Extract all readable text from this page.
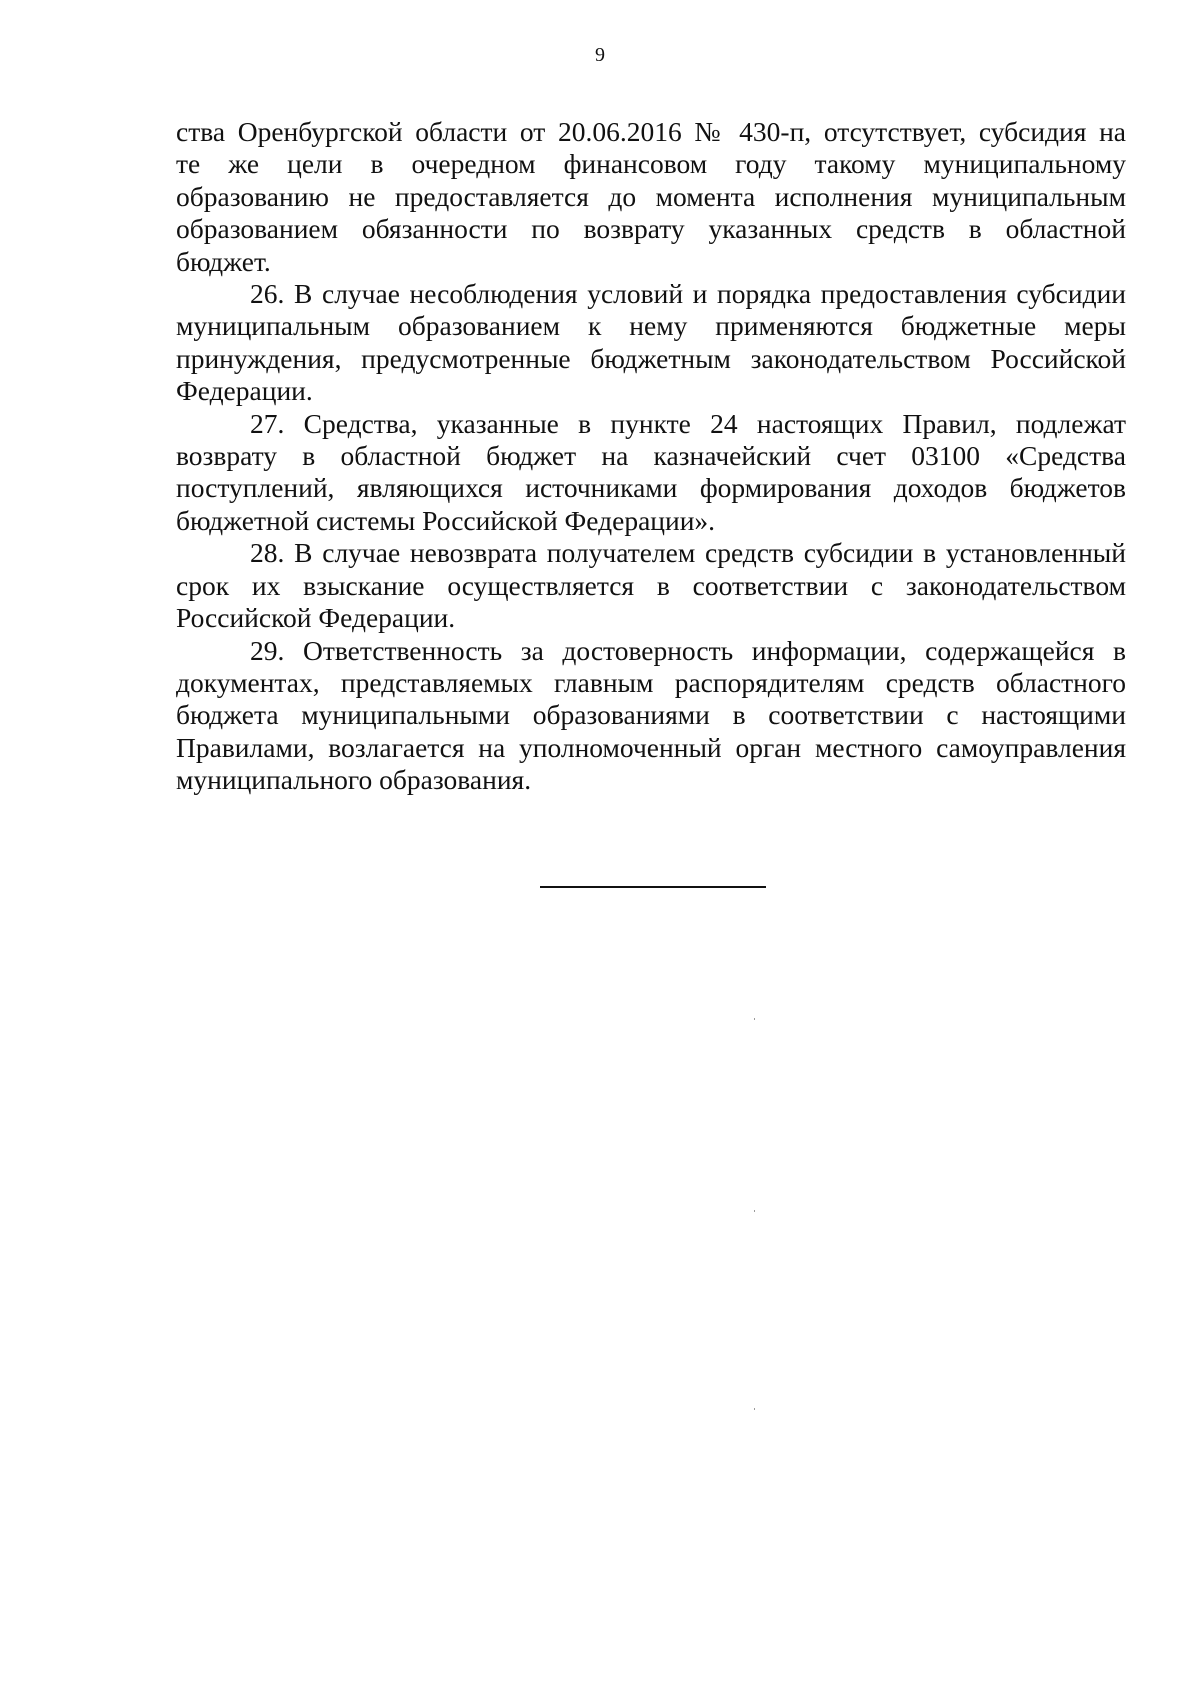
9
ства Оренбургской области от 20.06.2016 № 430-п, отсутствует, субсидия на
те же цели в очередном финансовом году такому муниципальному
образованию не предоставляется до момента исполнения муниципальным
образованием обязанности по возврату указанных средств в областной
бюджет.
26. В случае несоблюдения условий и порядка предоставления субсидии
муниципальным образованием к нему применяются бюджетные меры
принуждения, предусмотренные бюджетным законодательством Российской
Федерации.
27. Средства, указанные в пункте 24 настоящих Правил, подлежат
возврату в областной бюджет на казначейский счет 03100 «Средства
поступлений, являющихся источниками формирования доходов бюджетов
бюджетной системы Российской Федерации».
28. В случае невозврата получателем средств субсидии в установленный
срок их взыскание осуществляется в соответствии с законодательством
Российской Федерации.
29. Ответственность за достоверность информации, содержащейся в
документах, представляемых главным распорядителям средств областного
бюджета муниципальными образованиями в соответствии с настоящими
Правилами, возлагается на уполномоченный орган местного самоуправления
муниципального образования.
